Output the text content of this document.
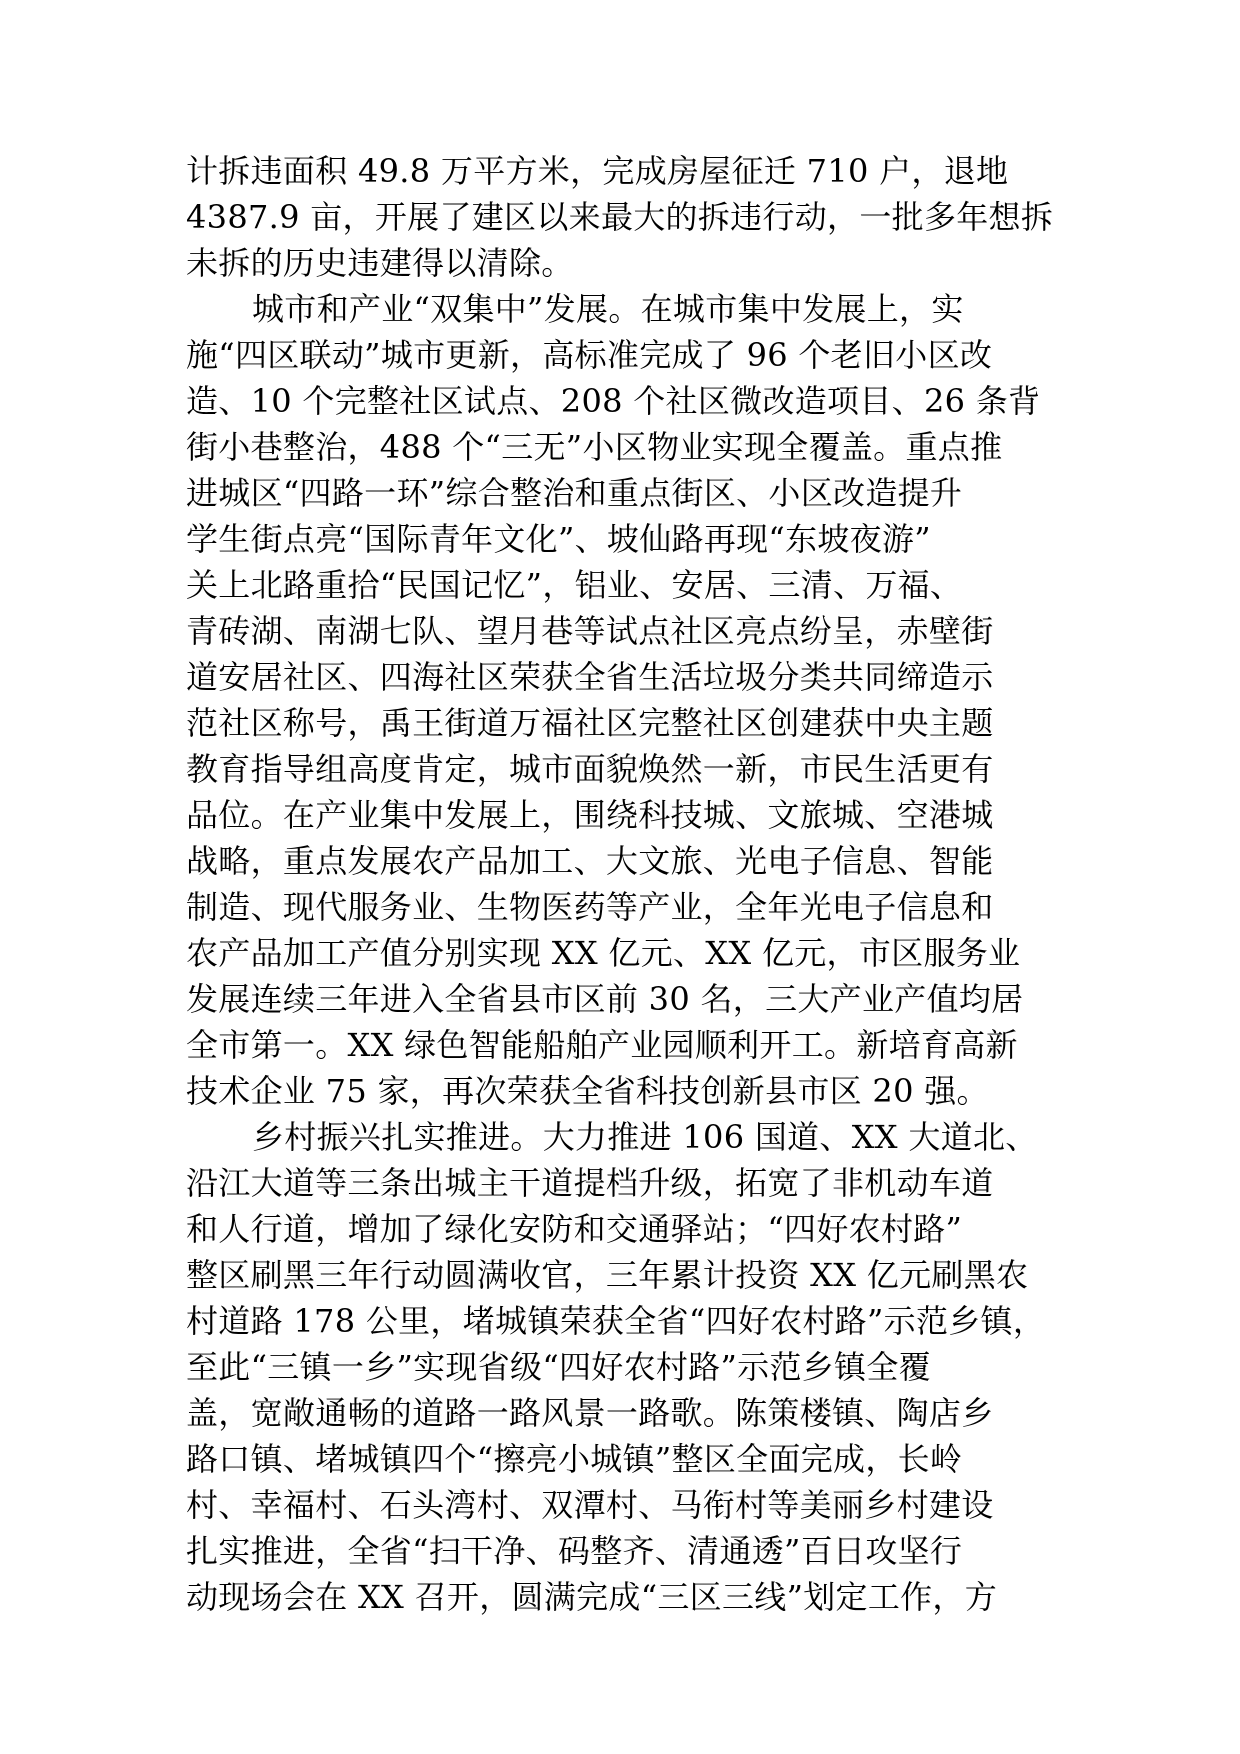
计拆违面积 49.8 万平方米，完成房屋征迁 710 户，退地
4387.9 亩，开展了建区以来最大的拆违行动，一批多年想拆
未拆的历史违建得以清除。
城市和产业“双集中”发展。在城市集中发展上，实
施“四区联动”城市更新，高标准完成了 96 个老旧小区改
造、10 个完整社区试点、208 个社区微改造项目、26 条背
街小巷整治，488 个“三无”小区物业实现全覆盖。重点推
进城区“四路一环”综合整治和重点街区、小区改造提升
学生街点亮“国际青年文化”、坡仙路再现“东坡夜游”
关上北路重拾“民国记忆”，铝业、安居、三清、万福、
青砖湖、南湖七队、望月巷等试点社区亮点纷呈，赤壁街
道安居社区、四海社区荣获全省生活垃圾分类共同缔造示
范社区称号，禹王街道万福社区完整社区创建获中央主题
教育指导组高度肯定，城市面貌焕然一新，市民生活更有
品位。在产业集中发展上，围绕科技城、文旅城、空港城
战略，重点发展农产品加工、大文旅、光电子信息、智能
制造、现代服务业、生物医药等产业，全年光电子信息和
农产品加工产值分别实现 XX 亿元、XX 亿元，市区服务业
发展连续三年进入全省县市区前 30 名，三大产业产值均居
全市第一。XX 绿色智能船舶产业园顺利开工。新培育高新
技术企业 75 家，再次荣获全省科技创新县市区 20 强。
乡村振兴扎实推进。大力推进 106 国道、XX 大道北、
沿江大道等三条出城主干道提档升级，拓宽了非机动车道
和人行道，增加了绿化安防和交通驿站；“四好农村路”
整区刷黑三年行动圆满收官，三年累计投资 XX 亿元刷黑农
村道路 178 公里，堵城镇荣获全省“四好农村路”示范乡镇，
至此“三镇一乡”实现省级“四好农村路”示范乡镇全覆
盖，宽敞通畅的道路一路风景一路歌。陈策楼镇、陶店乡
路口镇、堵城镇四个“擦亮小城镇”整区全面完成，长岭
村、幸福村、石头湾村、双潭村、马衔村等美丽乡村建设
扎实推进，全省“扫干净、码整齐、清通透”百日攻坚行
动现场会在 XX 召开，圆满完成“三区三线”划定工作，方
